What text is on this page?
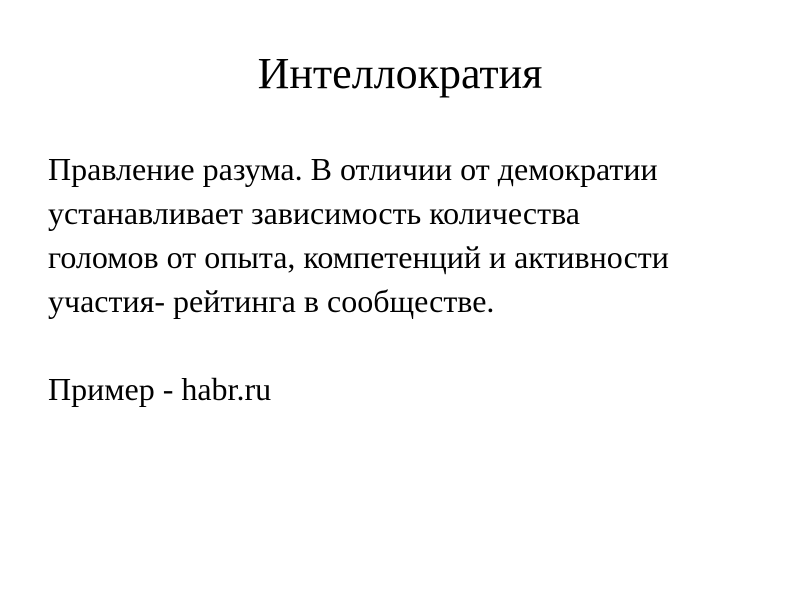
Интеллократия
Правление разума. В отличии от демократии
устанавливает зависимость количества
голомов от опыта, компетенций и активности
участия- рейтинга в сообществе.
Пример - habr.ru
